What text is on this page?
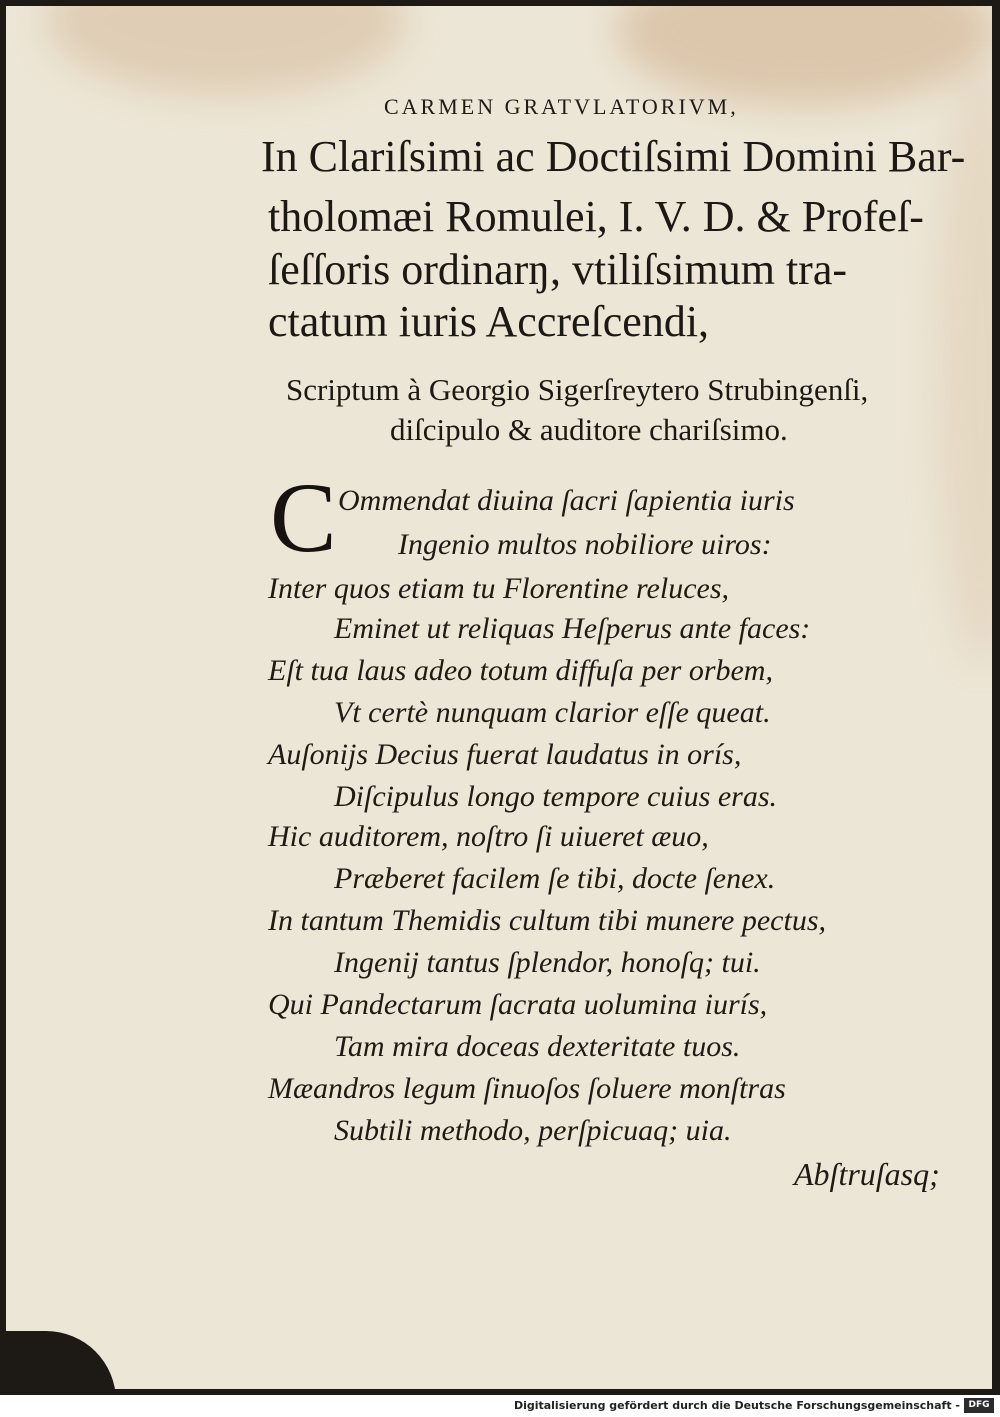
CARMEN GRATVLATORIVM,

In Clariſsimi ac Doctiſsimi Domini Bar-

tholomæi Romulei, I. V. D. & Profeſ-

ſeſſoris ordinarŋ, vtiliſsimum tra-

ctatum iuris Accreſcendi,

Scriptum à Georgio Sigerſreytero Strubingenſi,

diſcipulo & auditore chariſsimo.

C Ommendat diuina ſacri ſapientia iuris

Ingenio multos nobiliore uiros:

Inter quos etiam tu Florentine reluces,

Eminet ut reliquas Heſperus ante faces:

Eſt tua laus adeo totum diffuſa per orbem,

Vt certè nunquam clarior eſſe queat.

Auſonijs Decius fuerat laudatus in orís,

Diſcipulus longo tempore cuius eras.

Hic auditorem, noſtro ſi uiueret æuo,

Præberet facilem ſe tibi, docte ſenex.

In tantum Themidis cultum tibi munere pectus,

Ingenij tantus ſplendor, honoſq; tui.

Qui Pandectarum ſacrata uolumina iurís,

Tam mira doceas dexteritate tuos.

Mæandros legum ſinuoſos ſoluere monſtras

Subtili methodo, perſpicuaq; uia.

Abſtruſasq;

Digitalisierung gefördert durch die Deutsche Forschungsgemeinschaft - DFG
